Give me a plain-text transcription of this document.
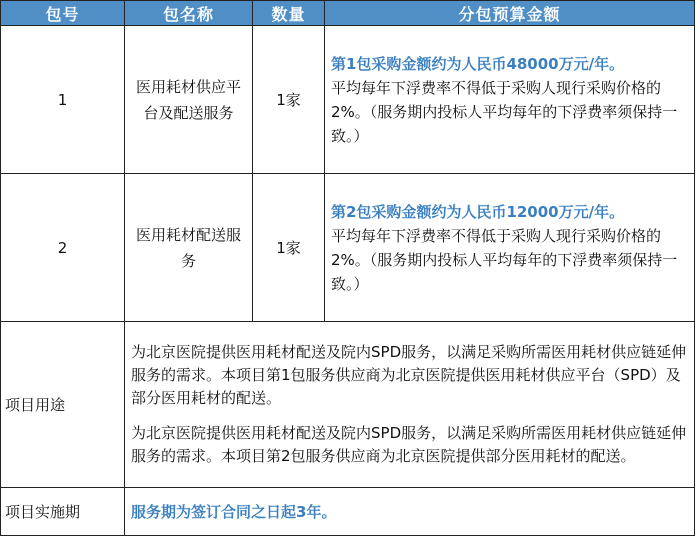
包号	包名称	数量	分包预算金额
1	医用耗材供应平台及配送服务	1家	第1包采购金额约为人民币48000万元/年。
平均每年下浮费率不得低于采购人现行采购价格的2%。（服务期内投标人平均每年的下浮费率须保持一致。）

2	医用耗材配送服务	1家	第2包采购金额约为人民币12000万元/年。
平均每年下浮费率不得低于采购人现行采购价格的2%。（服务期内投标人平均每年的下浮费率须保持一致。）

项目用途	为北京医院提供医用耗材配送及院内SPD服务，以满足采购所需医用耗材供应链延伸服务的需求。本项目第1包服务供应商为北京医院提供医用耗材供应平台（SPD）及部分医用耗材的配送。

为北京医院提供医用耗材配送及院内SPD服务，以满足采购所需医用耗材供应链延伸服务的需求。本项目第2包服务供应商为北京医院提供部分医用耗材的配送。		

项目实施期	服务期为签订合同之日起3年。		
